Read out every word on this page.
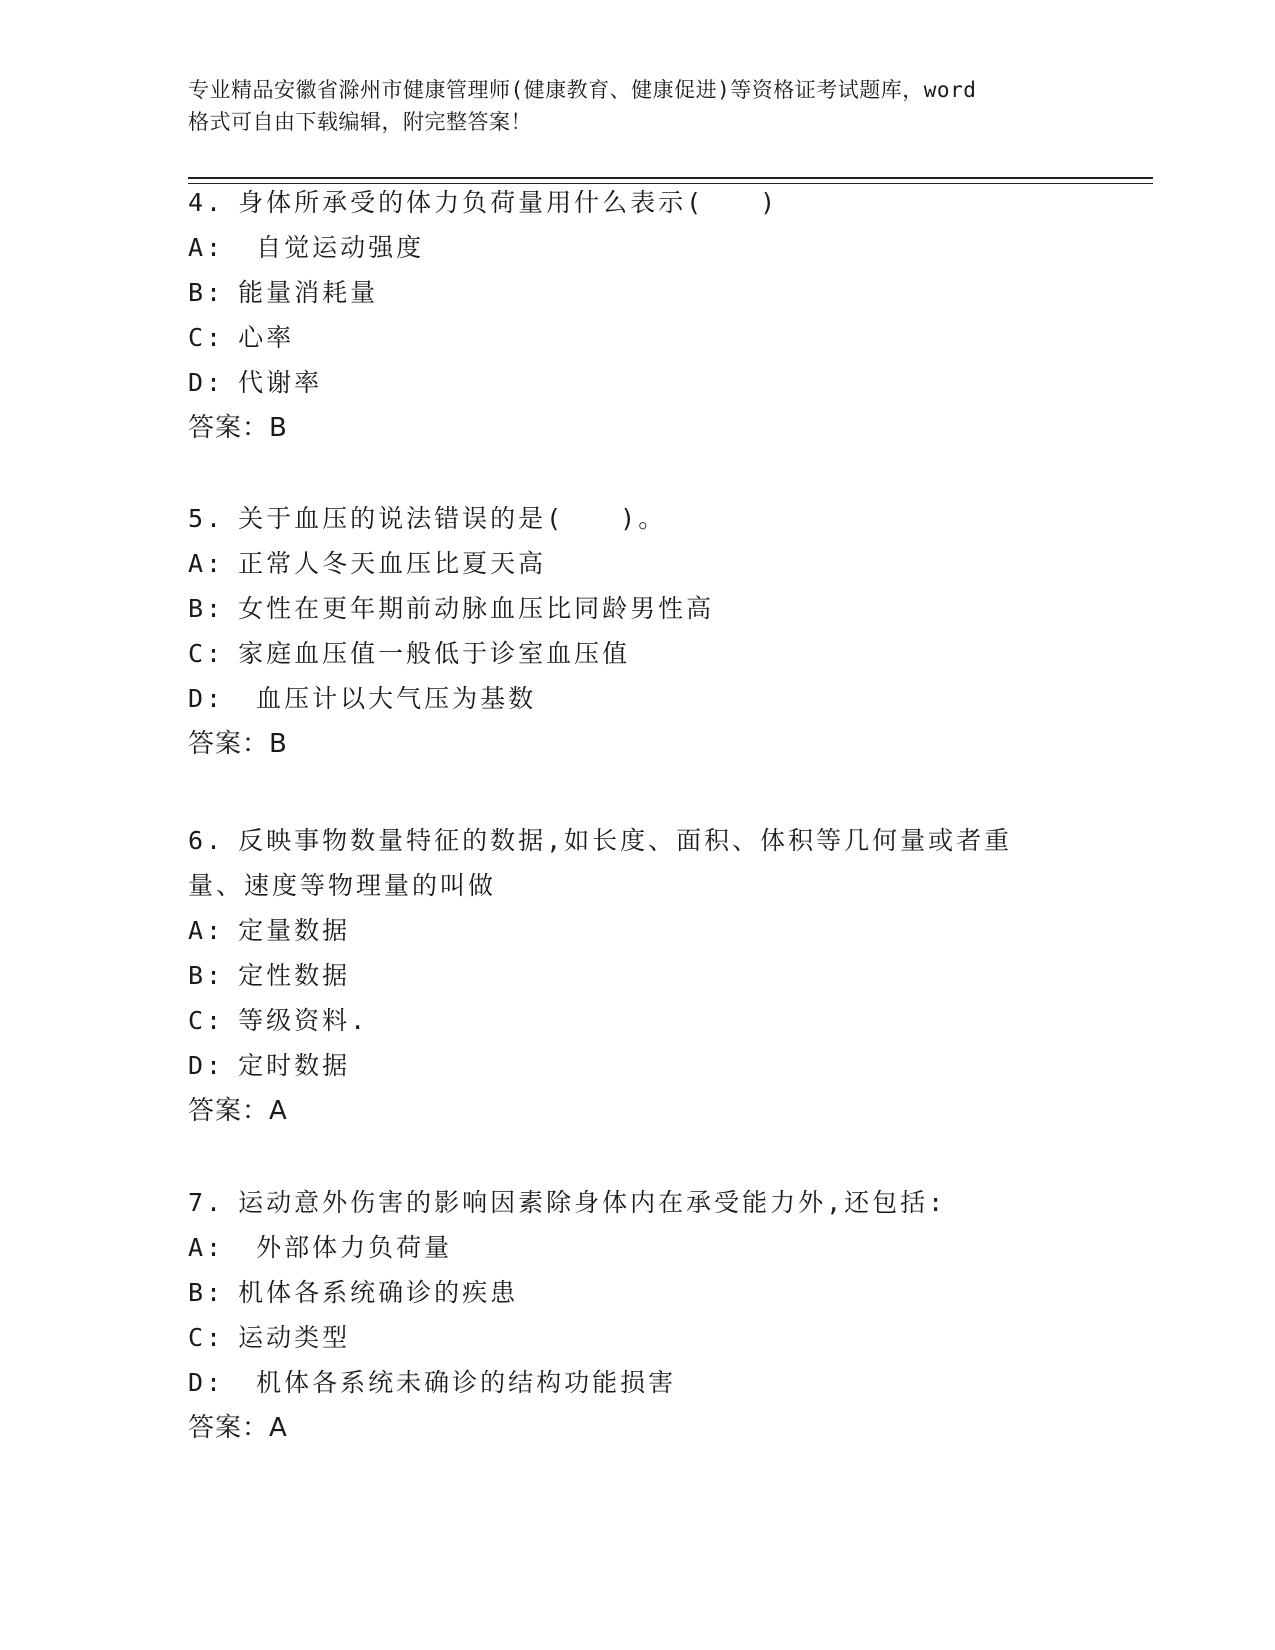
专业精品安徽省滁州市健康管理师(健康教育、健康促进)等资格证考试题库，word
格式可自由下载编辑，附完整答案！
4. 身体所承受的体力负荷量用什么表示(　　)
A: 自觉运动强度
B: 能量消耗量
C: 心率
D: 代谢率
答案：B
5. 关于血压的说法错误的是(　　)。
A: 正常人冬天血压比夏天高
B: 女性在更年期前动脉血压比同龄男性高
C: 家庭血压值一般低于诊室血压值
D: 血压计以大气压为基数
答案：B
6. 反映事物数量特征的数据,如长度、面积、体积等几何量或者重量、速度等物理量的叫做
A: 定量数据
B: 定性数据
C: 等级资料.
D: 定时数据
答案：A
7. 运动意外伤害的影响因素除身体内在承受能力外,还包括:
A: 外部体力负荷量
B: 机体各系统确诊的疾患
C: 运动类型
D: 机体各系统未确诊的结构功能损害
答案：A
